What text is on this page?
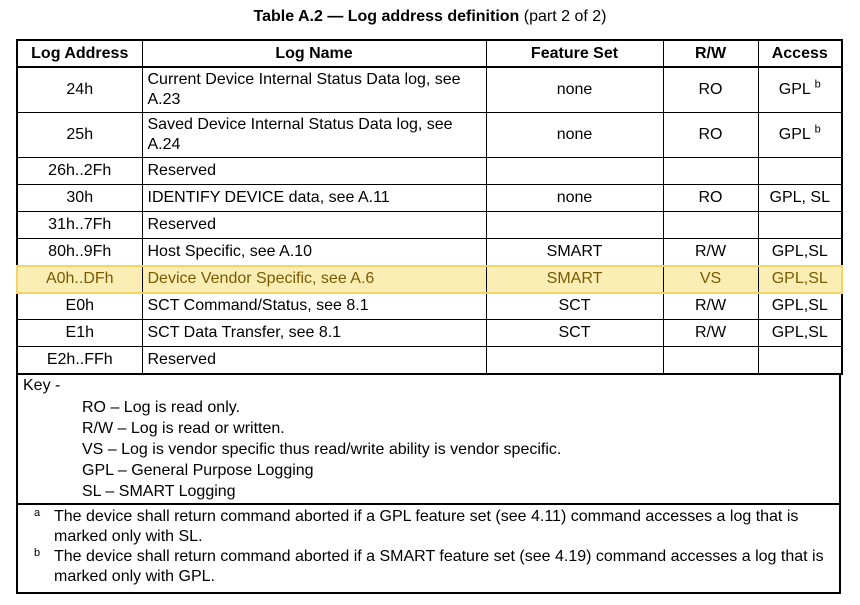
Table A.2 — Log address definition (part 2 of 2)
Log Address	Log Name	Feature Set	R/W	Access
24h	Current Device Internal Status Data log, see A.23	none	RO	GPL $^b$
25h	Saved Device Internal Status Data log, see A.24	none	RO	GPL $^b$
26h..2Fh	Reserved			
30h	IDENTIFY DEVICE data, see A.11	none	RO	GPL, SL
31h..7Fh	Reserved			
80h..9Fh	Host Specific, see A.10	SMART	R/W	GPL,SL
A0h..DFh	Device Vendor Specific, see A.6	SMART	VS	GPL,SL
E0h	SCT Command/Status, see 8.1	SCT	R/W	GPL,SL
E1h	SCT Data Transfer, see 8.1	SCT	R/W	GPL,SL
E2h..FFh	Reserved			
Key -
RO – Log is read only.
R/W – Log is read or written.
VS – Log is vendor specific thus read/write ability is vendor specific.
GPL – General Purpose Logging
SL – SMART Logging
a The device shall return command aborted if a GPL feature set (see 4.11) command accesses a log that is marked only with SL.
b The device shall return command aborted if a SMART feature set (see 4.19) command accesses a log that is marked only with GPL.
